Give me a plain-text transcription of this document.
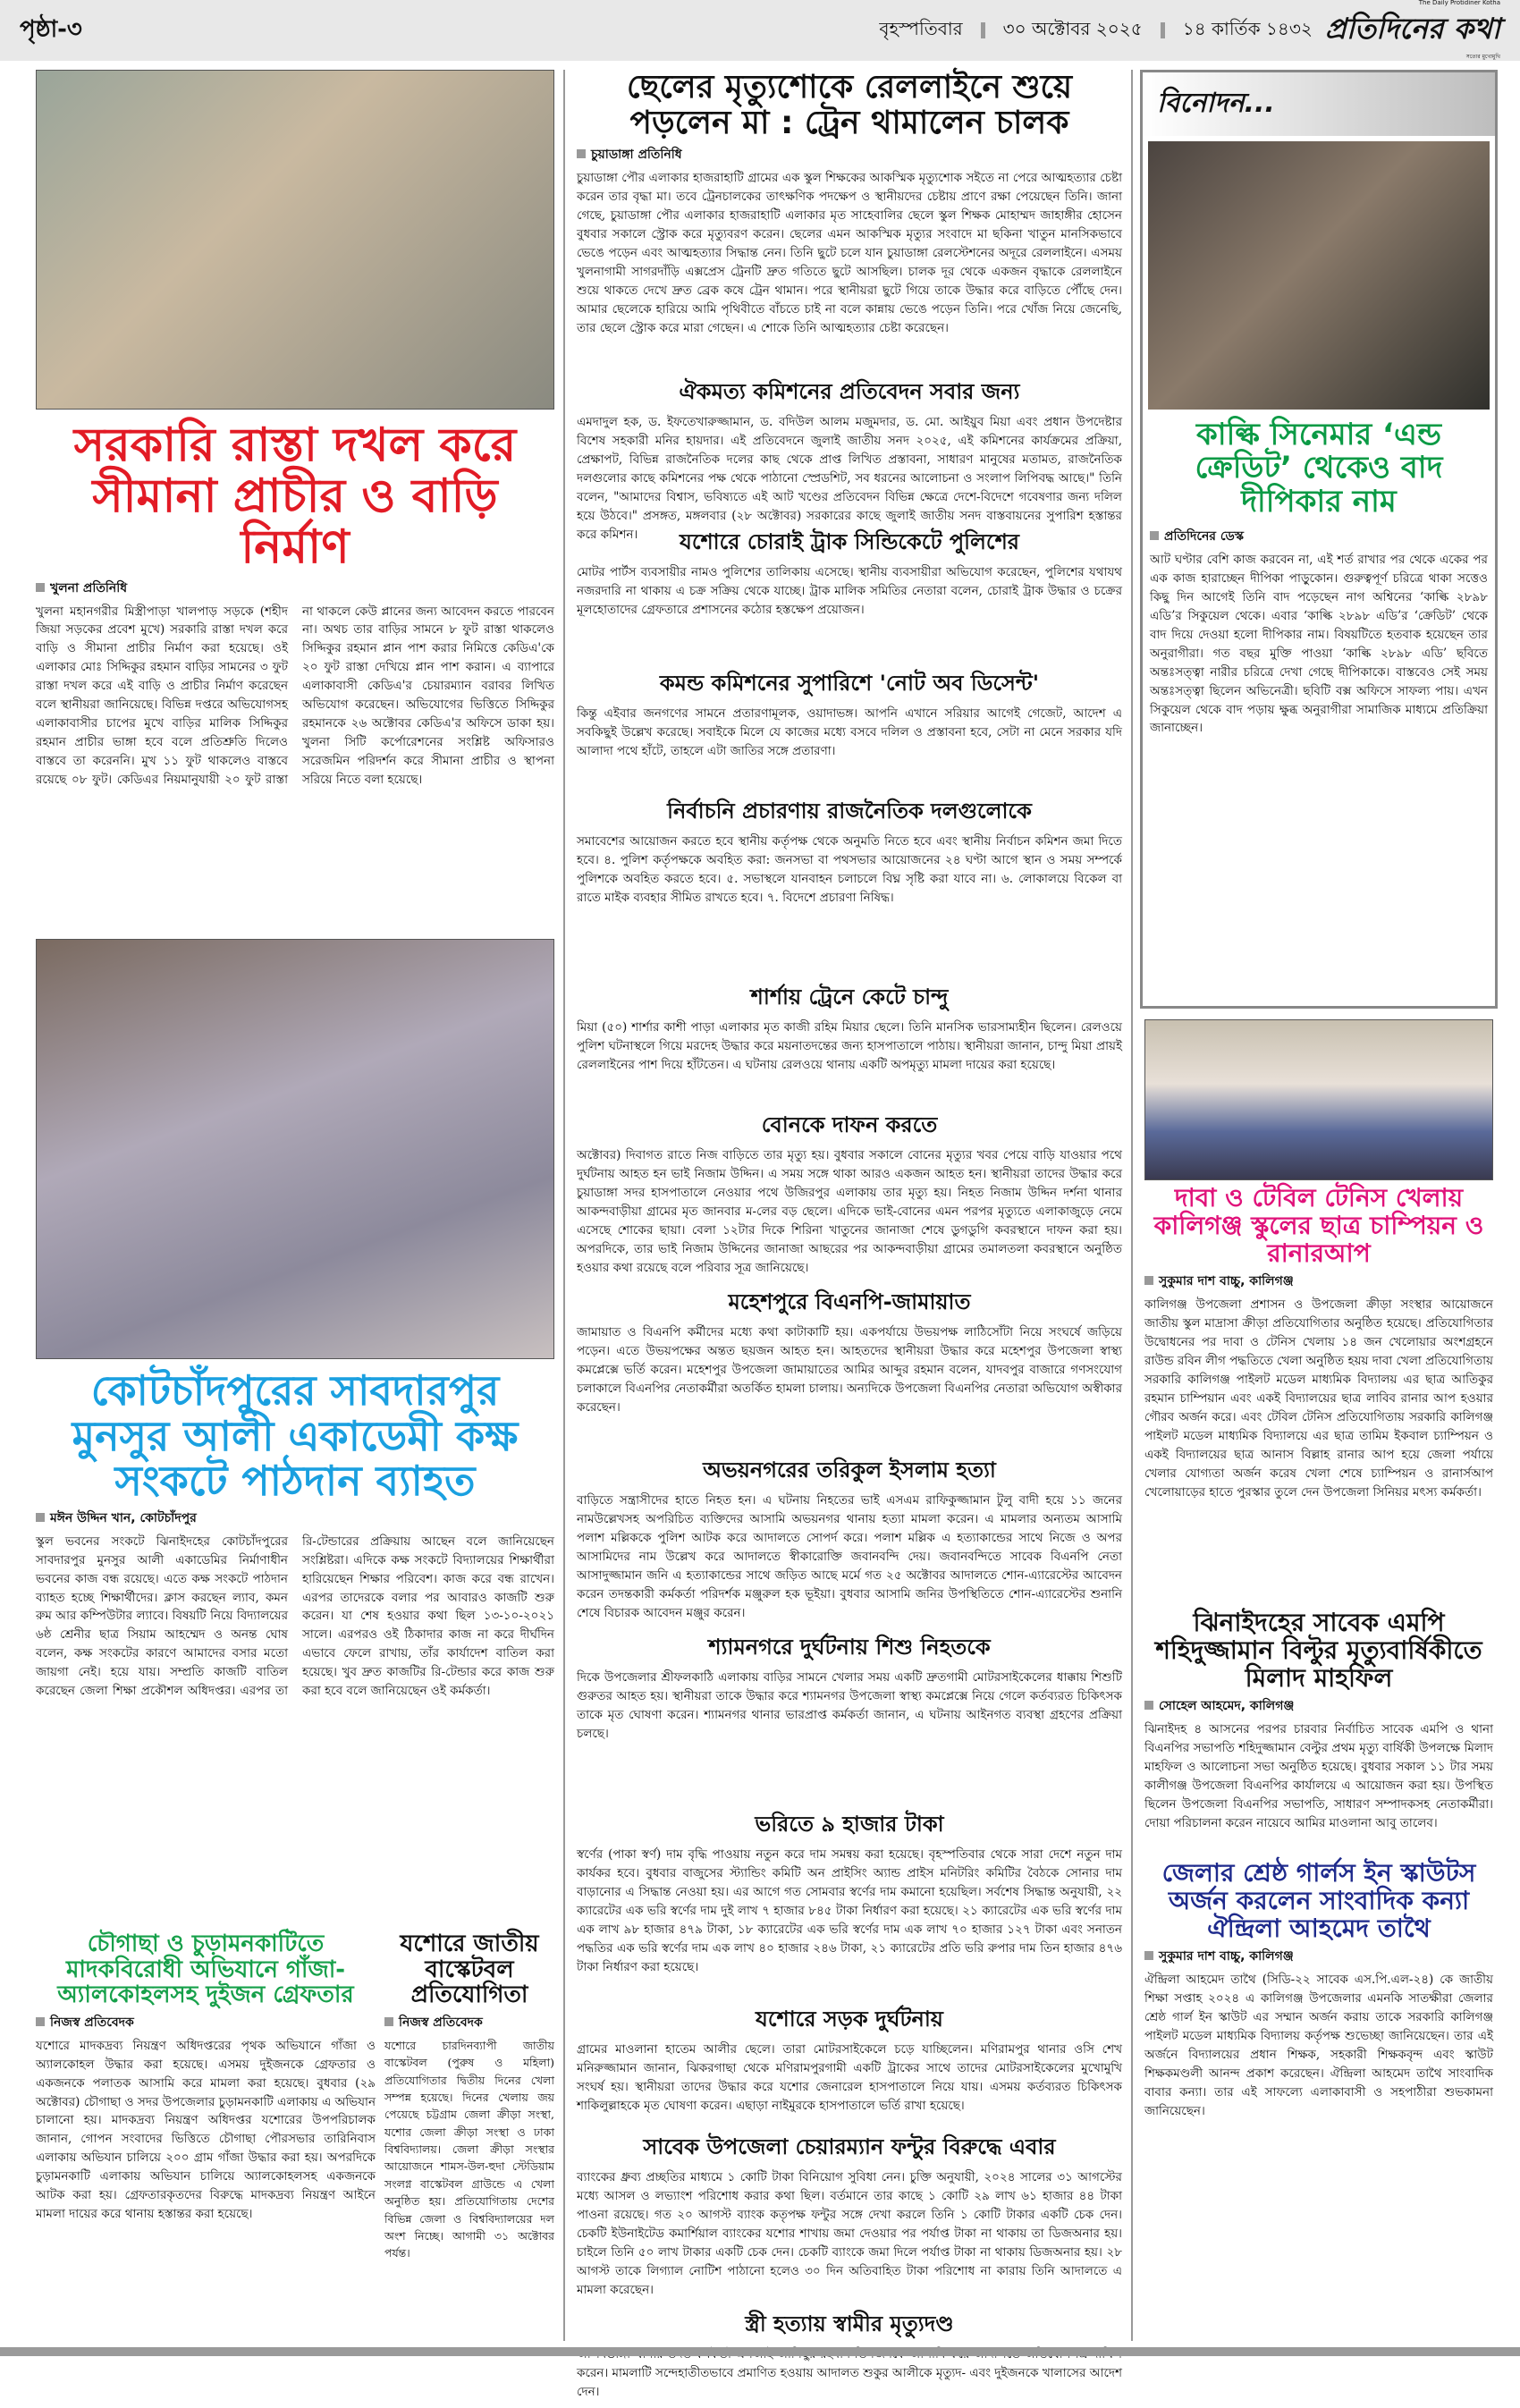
পৃষ্ঠা-৩	বৃহস্পতিবার ৩০ অক্টোবর ২০২৫ ১৪ কার্তিক ১৪৩২
The Daily Protidiner Kotha
প্রতিদিনের কথা
সত্যের মুখোমুখি
সরকারি রাস্তা দখল করে সীমানা প্রাচীর ও বাড়ি নির্মাণ
খুলনা প্রতিনিধি
খুলনা মহানগরীর মিস্ত্রীপাড়া খালপাড় সড়কে (শহীদ জিয়া সড়কের প্রবেশ মুখে) সরকারি রাস্তা দখল করে বাড়ি ও সীমানা প্রাচীর নির্মাণ করা হয়েছে। ওই এলাকার মোঃ সিদ্দিকুর রহমান বাড়ির সামনের ৩ ফুট রাস্তা দখল করে এই বাড়ি ও প্রাচীর নির্মাণ করেছেন বলে স্থানীয়রা জানিয়েছে। বিভিন্ন দপ্তরে অভিযোগসহ এলাকাবাসীর চাপের মুখে বাড়ির মালিক সিদ্দিকুর রহমান প্রাচীর ভাঙ্গা হবে বলে প্রতিশ্রুতি দিলেও বাস্তবে তা করেননি। মুখ ১১ ফুট থাকলেও বাস্তবে রয়েছে ০৮ ফুট। কেডিএর নিয়মানুযায়ী ২০ ফুট রাস্তা না থাকলে কেউ প্লানের জন্য আবেদন করতে পারবেন না। অথচ তার বাড়ির সামনে ৮ ফুট রাস্তা থাকলেও সিদ্দিকুর রহমান প্লান পাশ করার নিমিত্তে কেডিএ'কে ২০ ফুট রাস্তা দেখিয়ে প্লান পাশ করান। এ ব্যাপারে এলাকাবাসী কেডিএ'র চেয়ারম্যান বরাবর লিখিত অভিযোগ করেছেন। অভিযোগের ভিত্তিতে সিদ্দিকুর রহমানকে ২৬ অক্টোবর কেডিএ'র অফিসে ডাকা হয়। খুলনা সিটি কর্পোরেশনের সংশ্লিষ্ট অফিসারও সরেজমিন পরিদর্শন করে সীমানা প্রাচীর ও স্থাপনা সরিয়ে নিতে বলা হয়েছে।
কোটচাঁদপুরের সাবদারপুর মুনসুর আলী একাডেমী কক্ষ সংকটে পাঠদান ব্যাহত
মঈন উদ্দিন খান, কোটচাঁদপুর
স্কুল ভবনের সংকটে ঝিনাইদহের কোটচাঁদপুরের সাবদারপুর মুনসুর আলী একাডেমির নির্মাণাধীন ভবনের কাজ বন্ধ রয়েছে। এতে কক্ষ সংকটে পাঠদান ব্যাহত হচ্ছে শিক্ষার্থীদের। ক্লাস করছেন ল্যাব, কমন রুম আর কম্পিউটার ল্যাবে। বিষয়টি নিয়ে বিদ্যালয়ের ৬ষ্ঠ শ্রেনীর ছাত্র সিয়াম আহম্মেদ ও অনন্ত ঘোষ বলেন, কক্ষ সংকটের কারণে আমাদের বসার মতো জায়গা নেই। হয়ে যায়। সম্প্রতি কাজটি বাতিল করেছেন জেলা শিক্ষা প্রকৌশল অধিদপ্তর। এরপর তা রি-টেন্ডারের প্রক্রিয়ায় আছেন বলে জানিয়েছেন সংশ্লিষ্টরা। এদিকে কক্ষ সংকটে বিদ্যালয়ের শিক্ষার্থীরা হারিয়েছেন শিক্ষার পরিবেশ। কাজ করে বন্ধ রাখেন। এরপর তাদেরকে বলার পর আবারও কাজটি শুরু করেন। যা শেষ হওয়ার কথা ছিল ১৩-১০-২০২১ সালে। এরপরও ওই ঠিকাদার কাজ না করে দীর্ঘদিন এভাবে ফেলে রাখায়, তাঁর কার্যাদেশ বাতিল করা হয়েছে। খুব দ্রুত কাজটির রি-টেন্ডার করে কাজ শুরু করা হবে বলে জানিয়েছেন ওই কর্মকর্তা।
চৌগাছা ও চুড়ামনকাটিতে মাদকবিরোধী অভিযানে গাঁজা-অ্যালকোহলসহ দুইজন গ্রেফতার
নিজস্ব প্রতিবেদক
যশোরে মাদকদ্রব্য নিয়ন্ত্রণ অধিদপ্তরের পৃথক অভিযানে গাঁজা ও অ্যালকোহল উদ্ধার করা হয়েছে। এসময় দুইজনকে গ্রেফতার ও একজনকে পলাতক আসামি করে মামলা করা হয়েছে। বুধবার (২৯ অক্টোবর) চৌগাছা ও সদর উপজেলার চুড়ামনকাটি এলাকায় এ অভিযান চালানো হয়। মাদকদ্রব্য নিয়ন্ত্রণ অধিদপ্তর যশোরের উপপরিচালক জানান, গোপন সংবাদের ভিত্তিতে চৌগাছা পৌরসভার তারিনিবাস এলাকায় অভিযান চালিয়ে ২০০ গ্রাম গাঁজা উদ্ধার করা হয়। অপরদিকে চুড়ামনকাটি এলাকায় অভিযান চালিয়ে অ্যালকোহলসহ একজনকে আটক করা হয়। গ্রেফতারকৃতদের বিরুদ্ধে মাদকদ্রব্য নিয়ন্ত্রণ আইনে মামলা দায়ের করে থানায় হস্তান্তর করা হয়েছে।
যশোরে জাতীয় বাস্কেটবল প্রতিযোগিতা
নিজস্ব প্রতিবেদক
যশোরে চারদিনব্যাপী জাতীয় বাস্কেটবল (পুরুষ ও মহিলা) প্রতিযোগিতার দ্বিতীয় দিনের খেলা সম্পন্ন হয়েছে। দিনের খেলায় জয় পেয়েছে চট্টগ্রাম জেলা ক্রীড়া সংস্থা, যশোর জেলা ক্রীড়া সংস্থা ও ঢাকা বিশ্ববিদ্যালয়। জেলা ক্রীড়া সংস্থার আয়োজনে শামস-উল-হুদা স্টেডিয়াম সংলগ্ন বাস্কেটবল গ্রাউন্ডে এ খেলা অনুষ্ঠিত হয়। প্রতিযোগিতায় দেশের বিভিন্ন জেলা ও বিশ্ববিদ্যালয়ের দল অংশ নিচ্ছে। আগামী ৩১ অক্টোবর পর্যন্ত।
ছেলের মৃত্যুশোকে রেললাইনে শুয়ে পড়লেন মা : ট্রেন থামালেন চালক
চুয়াডাঙ্গা প্রতিনিধি
চুয়াডাঙ্গা পৌর এলাকার হাজরাহাটি গ্রামের এক স্কুল শিক্ষকের আকস্মিক মৃত্যুশোক সইতে না পেরে আত্মহত্যার চেষ্টা করেন তার বৃদ্ধা মা। তবে ট্রেনচালকের তাৎক্ষণিক পদক্ষেপ ও স্থানীয়দের চেষ্টায় প্রাণে রক্ষা পেয়েছেন তিনি। জানা গেছে, চুয়াডাঙ্গা পৌর এলাকার হাজরাহাটি এলাকার মৃত সাহেবালির ছেলে স্কুল শিক্ষক মোহাম্মদ জাহাঙ্গীর হোসেন বুধবার সকালে স্ট্রোক করে মৃত্যুবরণ করেন। ছেলের এমন আকস্মিক মৃত্যুর সংবাদে মা ছকিনা খাতুন মানসিকভাবে ভেঙে পড়েন এবং আত্মহত্যার সিদ্ধান্ত নেন। তিনি ছুটে চলে যান চুয়াডাঙ্গা রেলস্টেশনের অদূরে রেললাইনে। এসময় খুলনাগামী সাগরদাঁড়ি এক্সপ্রেস ট্রেনটি দ্রুত গতিতে ছুটে আসছিল। চালক দূর থেকে একজন বৃদ্ধাকে রেললাইনে শুয়ে থাকতে দেখে দ্রুত ব্রেক কষে ট্রেন থামান। পরে স্থানীয়রা ছুটে গিয়ে তাকে উদ্ধার করে বাড়িতে পৌঁছে দেন। আমার ছেলেকে হারিয়ে আমি পৃথিবীতে বাঁচতে চাই না বলে কান্নায় ভেঙে পড়েন তিনি। পরে খোঁজ নিয়ে জেনেছি, তার ছেলে স্ট্রোক করে মারা গেছেন। এ শোকে তিনি আত্মহত্যার চেষ্টা করেছেন।
ঐকমত্য কমিশনের প্রতিবেদন সবার জন্য
এমদাদুল হক, ড. ইফতেখারুজ্জামান, ড. বদিউল আলম মজুমদার, ড. মো. আইয়ুব মিয়া এবং প্রধান উপদেষ্টার বিশেষ সহকারী মনির হায়দার। এই প্রতিবেদনে জুলাই জাতীয় সনদ ২০২৫, এই কমিশনের কার্যক্রমের প্রক্রিয়া, প্রেক্ষাপট, বিভিন্ন রাজনৈতিক দলের কাছ থেকে প্রাপ্ত লিখিত প্রস্তাবনা, সাধারণ মানুষের মতামত, রাজনৈতিক দলগুলোর কাছে কমিশনের পক্ষ থেকে পাঠানো স্প্রেডশিট, সব ধরনের আলোচনা ও সংলাপ লিপিবদ্ধ আছে।" তিনি বলেন, "আমাদের বিশ্বাস, ভবিষ্যতে এই আট খণ্ডের প্রতিবেদন বিভিন্ন ক্ষেত্রে দেশে-বিদেশে গবেষণার জন্য দলিল হয়ে উঠবে।" প্রসঙ্গত, মঙ্গলবার (২৮ অক্টোবর) সরকারের কাছে জুলাই জাতীয় সনদ বাস্তবায়নের সুপারিশ হস্তান্তর করে কমিশন।	যশোরে চোরাই ট্রাক সিন্ডিকেটে পুলিশের
মোটর পার্টস ব্যবসায়ীর নামও পুলিশের তালিকায় এসেছে। স্থানীয় ব্যবসায়ীরা অভিযোগ করেছেন, পুলিশের যথাযথ নজরদারি না থাকায় এ চক্র সক্রিয় থেকে যাচ্ছে। ট্রাক মালিক সমিতির নেতারা বলেন, চোরাই ট্রাক উদ্ধার ও চক্রের মূলহোতাদের গ্রেফতারে প্রশাসনের কঠোর হস্তক্ষেপ প্রয়োজন।
কমন্ড কমিশনের সুপারিশে 'নোট অব ডিসেন্ট'
কিন্তু এইবার জনগণের সামনে প্রতারণামূলক, ওয়াদাভঙ্গ। আপনি এখানে সরিয়ার আগেই গেজেট, আদেশ এ সবকিছুই উল্লেখ করেছে। সবাইকে মিলে যে কাজের মধ্যে বসবে দলিল ও প্রস্তাবনা হবে, সেটা না মেনে সরকার যদি আলাদা পথে হাঁটে, তাহলে এটা জাতির সঙ্গে প্রতারণা।
নির্বাচনি প্রচারণায় রাজনৈতিক দলগুলোকে
সমাবেশের আয়োজন করতে হবে স্থানীয় কর্তৃপক্ষ থেকে অনুমতি নিতে হবে এবং স্থানীয় নির্বাচন কমিশন জমা দিতে হবে। ৪. পুলিশ কর্তৃপক্ষকে অবহিত করা: জনসভা বা পথসভার আয়োজনের ২৪ ঘণ্টা আগে স্থান ও সময় সম্পর্কে পুলিশকে অবহিত করতে হবে। ৫. সভাস্থলে যানবাহন চলাচলে বিঘ্ন সৃষ্টি করা যাবে না। ৬. লোকালয়ে বিকেল বা রাতে মাইক ব্যবহার সীমিত রাখতে হবে। ৭. বিদেশে প্রচারণা নিষিদ্ধ।
শার্শায় ট্রেনে কেটে চান্দু
মিয়া (৫০) শার্শার কাশী পাড়া এলাকার মৃত কাজী রহিম মিয়ার ছেলে। তিনি মানসিক ভারসাম্যহীন ছিলেন। রেলওয়ে পুলিশ ঘটনাস্থলে গিয়ে মরদেহ উদ্ধার করে ময়নাতদন্তের জন্য হাসপাতালে পাঠায়। স্থানীয়রা জানান, চান্দু মিয়া প্রায়ই রেললাইনের পাশ দিয়ে হাঁটতেন। এ ঘটনায় রেলওয়ে থানায় একটি অপমৃত্যু মামলা দায়ের করা হয়েছে।
বোনকে দাফন করতে
অক্টোবর) দিবাগত রাতে নিজ বাড়িতে তার মৃত্যু হয়। বুধবার সকালে বোনের মৃত্যুর খবর পেয়ে বাড়ি যাওয়ার পথে দুর্ঘটনায় আহত হন ভাই নিজাম উদ্দিন। এ সময় সঙ্গে থাকা আরও একজন আহত হন। স্থানীয়রা তাদের উদ্ধার করে চুয়াডাঙ্গা সদর হাসপাতালে নেওয়ার পথে উজিরপুর এলাকায় তার মৃত্যু হয়। নিহত নিজাম উদ্দিন দর্শনা থানার আকন্দবাড়ীয়া গ্রামের মৃত জানবার ম-লের বড় ছেলে। এদিকে ভাই-বোনের এমন পরপর মৃত্যুতে এলাকাজুড়ে নেমে এসেছে শোকের ছায়া। বেলা ১২টার দিকে শিরিনা খাতুনের জানাজা শেষে ডুগডুগি কবরস্থানে দাফন করা হয়। অপরদিকে, তার ভাই নিজাম উদ্দিনের জানাজা আছরের পর আকন্দবাড়ীয়া গ্রামের তমালতলা কবরস্থানে অনুষ্ঠিত হওয়ার কথা রয়েছে বলে পরিবার সূত্র জানিয়েছে।
মহেশপুরে বিএনপি-জামায়াত
জামায়াত ও বিএনপি কর্মীদের মধ্যে কথা কাটাকাটি হয়। একপর্যায়ে উভয়পক্ষ লাঠিসোঁটা নিয়ে সংঘর্ষে জড়িয়ে পড়েন। এতে উভয়পক্ষের অন্তত ছয়জন আহত হন। আহতদের স্থানীয়রা উদ্ধার করে মহেশপুর উপজেলা স্বাস্থ্য কমপ্লেক্সে ভর্তি করেন। মহেশপুর উপজেলা জামায়াতের আমির আব্দুর রহমান বলেন, যাদবপুর বাজারে গণসংযোগ চলাকালে বিএনপির নেতাকর্মীরা অতর্কিত হামলা চালায়। অন্যদিকে উপজেলা বিএনপির নেতারা অভিযোগ অস্বীকার করেছেন।
অভয়নগরের তরিকুল ইসলাম হত্যা
বাড়িতে সন্ত্রাসীদের হাতে নিহত হন। এ ঘটনায় নিহতের ভাই এসএম রাফিকুজ্জামান টুলু বাদী হয়ে ১১ জনের নামউল্লেখসহ অপরিচিত ব্যক্তিদের আসামি অভয়নগর থানায় হত্যা মামলা করেন। এ মামলার অন্যতম আসামি পলাশ মল্লিককে পুলিশ আটক করে আদালতে সোপর্দ করে। পলাশ মল্লিক এ হত্যাকান্ডের সাথে নিজে ও অপর আসামিদের নাম উল্লেখ করে আদালতে স্বীকারোক্তি জবানবন্দি দেয়। জবানবন্দিতে সাবেক বিএনপি নেতা আসাদুজ্জামান জনি এ হত্যাকান্ডের সাথে জড়িত আছে মর্মে গত ২৫ অক্টোবর আদালতে শোন-এ্যারেস্টের আবেদন করেন তদন্তকারী কর্মকর্তা পরিদর্শক মঞ্জুরুল হক ভূইয়া। বুধবার আসামি জনির উপস্থিতিতে শোন-এ্যারেস্টের শুনানি শেষে বিচারক আবেদন মঞ্জুর করেন।
শ্যামনগরে দুর্ঘটনায় শিশু নিহতকে
দিকে উপজেলার শ্রীফলকাঠি এলাকায় বাড়ির সামনে খেলার সময় একটি দ্রুতগামী মোটরসাইকেলের ধাক্কায় শিশুটি গুরুতর আহত হয়। স্থানীয়রা তাকে উদ্ধার করে শ্যামনগর উপজেলা স্বাস্থ্য কমপ্লেক্সে নিয়ে গেলে কর্তব্যরত চিকিৎসক তাকে মৃত ঘোষণা করেন। শ্যামনগর থানার ভারপ্রাপ্ত কর্মকর্তা জানান, এ ঘটনায় আইনগত ব্যবস্থা গ্রহণের প্রক্রিয়া চলছে।
ভরিতে ৯ হাজার টাকা
স্বর্ণের (পাকা স্বর্ণ) দাম বৃদ্ধি পাওয়ায় নতুন করে দাম সমন্বয় করা হয়েছে। বৃহস্পতিবার থেকে সারা দেশে নতুন দাম কার্যকর হবে। বুধবার বাজুসের স্ট্যান্ডিং কমিটি অন প্রাইসিং অ্যান্ড প্রাইস মনিটরিং কমিটির বৈঠকে সোনার দাম বাড়ানোর এ সিদ্ধান্ত নেওয়া হয়। এর আগে গত সোমবার স্বর্ণের দাম কমানো হয়েছিল। সর্বশেষ সিদ্ধান্ত অনুযায়ী, ২২ ক্যারেটের এক ভরি স্বর্ণের দাম দুই লাখ ৭ হাজার ৮৪৫ টাকা নির্ধারণ করা হয়েছে। ২১ ক্যারেটের এক ভরি স্বর্ণের দাম এক লাখ ৯৮ হাজার ৪৭৯ টাকা, ১৮ ক্যারেটের এক ভরি স্বর্ণের দাম এক লাখ ৭০ হাজার ১২৭ টাকা এবং সনাতন পদ্ধতির এক ভরি স্বর্ণের দাম এক লাখ ৪০ হাজার ২৪৬ টাকা, ২১ ক্যারেটের প্রতি ভরি রুপার দাম তিন হাজার ৪৭৬ টাকা নির্ধারণ করা হয়েছে।
যশোরে সড়ক দুর্ঘটনায়
গ্রামের মাওলানা হাতেম আলীর ছেলে। তারা মোটরসাইকেলে চড়ে যাচ্ছিলেন। মণিরামপুর থানার ওসি শেখ মনিরুজ্জামান জানান, ঝিকরগাছা থেকে মণিরামপুরগামী একটি ট্রাকের সাথে তাদের মোটরসাইকেলের মুখোমুখি সংঘর্ষ হয়। স্থানীয়রা তাদের উদ্ধার করে যশোর জেনারেল হাসপাতালে নিয়ে যায়। এসময় কর্তব্যরত চিকিৎসক শাকিলুল্লাহকে মৃত ঘোষণা করেন। এছাড়া নাইমুরকে হাসপাতালে ভর্তি রাখা হয়েছে।
সাবেক উপজেলা চেয়ারম্যান ফন্টুর বিরুদ্ধে এবার
ব্যাংকের ধ্রুব্য প্রচ্ছতির মাধ্যমে ১ কোটি টাকা বিনিয়োগ সুবিধা নেন। চুক্তি অনুযায়ী, ২০২৪ সালের ৩১ আগস্টের মধ্যে আসল ও লভ্যাংশ পরিশোধ করার কথা ছিল। বর্তমানে তার কাছে ১ কোটি ২৯ লাখ ৬১ হাজার ৪৪ টাকা পাওনা রয়েছে। গত ২০ আগস্ট ব্যাংক কতৃপক্ষ ফন্টুর সঙ্গে দেখা করলে তিনি ১ কোটি টাকার একটি চেক দেন। চেকটি ইউনাইটেড কমার্শিয়াল ব্যাংকের যশোর শাখায় জমা দেওয়ার পর পর্যাপ্ত টাকা না থাকায় তা ডিজঅনার হয়। চাইলে তিনি ৫০ লাখ টাকার একটি চেক দেন। চেকটি ব্যাংকে জমা দিলে পর্যাপ্ত টাকা না থাকায় ডিজঅনার হয়। ২৮ আগস্ট তাকে লিগ্যাল নোটিশ পাঠানো হলেও ৩০ দিন অতিবাহিত টাকা পরিশোধ না কারায় তিনি আদালতে এ মামলা করেছেন।
স্ত্রী হত্যায় স্বামীর মৃত্যুদণ্ড
করেন। মামলাটি সন্দেহাতীতভাবে প্রমাণিত হওয়ায় আদালত শুকুর আলীকে মৃত্যুদ- এবং দুইজনকে খালাসের আদেশ দেন।
বিনোদন...
কাল্কি সিনেমার ‘এন্ড ক্রেডিট’ থেকেও বাদ দীপিকার নাম
প্রতিদিনের ডেস্ক
আট ঘণ্টার বেশি কাজ করবেন না, এই শর্ত রাখার পর থেকে একের পর এক কাজ হারাচ্ছেন দীপিকা পাড়ুকোন। গুরুত্বপূর্ণ চরিত্রে থাকা সত্তেও কিছু দিন আগেই তিনি বাদ পড়েছেন নাগ অশ্বিনের ‘কাল্কি ২৮৯৮ এডি’র সিকুয়েল থেকে। এবার ‘কাল্কি ২৮৯৮ এডি’র ‘ক্রেডিট’ থেকে বাদ দিয়ে দেওয়া হলো দীপিকার নাম। বিষয়টিতে হতবাক হয়েছেন তার অনুরাগীরা। গত বছর মুক্তি পাওয়া ‘কাল্কি ২৮৯৮ এডি’ ছবিতে অন্তঃসত্ত্বা নারীর চরিত্রে দেখা গেছে দীপিকাকে। বাস্তবেও সেই সময় অন্তঃসত্ত্বা ছিলেন অভিনেত্রী। ছবিটি বক্স অফিসে সাফল্য পায়। এখন সিকুয়েল থেকে বাদ পড়ায় ক্ষুব্ধ অনুরাগীরা সামাজিক মাধ্যমে প্রতিক্রিয়া জানাচ্ছেন।
দাবা ও টেবিল টেনিস খেলায় কালিগঞ্জ স্কুলের ছাত্র চাম্পিয়ন ও রানারআপ
সুকুমার দাশ বাচ্চু, কালিগঞ্জ
কালিগঞ্জ উপজেলা প্রশাসন ও উপজেলা ক্রীড়া সংস্থার আয়োজনে জাতীয় স্কুল মাদ্রাসা ক্রীড়া প্রতিযোগিতার অনুষ্ঠিত হয়েছে। প্রতিযোগিতার উদ্বোধনের পর দাবা ও টেনিস খেলায় ১৪ জন খেলোয়ার অংশগ্রহনে রাউন্ড রবিন লীগ পদ্ধতিতে খেলা অনুষ্ঠিত হয়য় দাবা খেলা প্রতিযোগিতায় সরকারি কালিগঞ্জ পাইলট মডেল মাধ্যমিক বিদ্যালয় এর ছাত্র আতিকুর রহমান চাম্পিয়ান এবং একই বিদ্যালয়ের ছাত্র লাবিব রানার আপ হওয়ার গৌরব অর্জন করে। এবং টেবিল টেনিস প্রতিযোগিতায় সরকারি কালিগঞ্জ পাইলট মডেল মাধ্যমিক বিদ্যালয়ে এর ছাত্র তামিম ইকবাল চ্যাম্পিয়ন ও একই বিদ্যালয়ের ছাত্র আনাস বিল্লাহ রানার আপ হয়ে জেলা পর্যায়ে খেলার যোগ্যতা অর্জন করেষ খেলা শেষে চ্যাম্পিয়ন ও রানার্সআপ খেলোয়াড়ের হাতে পুরস্কার তুলে দেন উপজেলা সিনিয়র মৎস্য কর্মকর্তা।
ঝিনাইদহের সাবেক এমপি শহিদুজ্জামান বিল্টুর মৃত্যুবার্ষিকীতে মিলাদ মাহফিল
সোহেল আহমেদ, কালিগঞ্জ
ঝিনাইদহ ৪ আসনের পরপর চারবার নির্বাচিত সাবেক এমপি ও থানা বিএনপির সভাপতি শহিদুজ্জামান বেল্টুর প্রথম মৃত্যু বার্ষিকী উপলক্ষে মিলাদ মাহফিল ও আলোচনা সভা অনুষ্ঠিত হয়েছে। বুধবার সকাল ১১ টার সময় কালীগঞ্জ উপজেলা বিএনপির কার্যালয়ে এ আয়োজন করা হয়। উপস্থিত ছিলেন উপজেলা বিএনপির সভাপতি, সাধারণ সম্পাদকসহ নেতাকর্মীরা। দোয়া পরিচালনা করেন নায়েবে আমির মাওলানা আবু তালেব।
জেলার শ্রেষ্ঠ গার্লস ইন স্কাউটস অর্জন করলেন সাংবাদিক কন্যা ঐন্দ্রিলা আহমেদ তাথৈ
সুকুমার দাশ বাচ্চু, কালিগঞ্জ
ঐন্দ্রিলা আহমেদ তাথৈ (সিডি-২২ সাবেক এস.পি.এল-২৪) কে জাতীয় শিক্ষা সপ্তাহ ২০২৪ এ কালিগঞ্জ উপজেলার এমনকি সাতক্ষীরা জেলার শ্রেষ্ঠ গার্ল ইন স্কাউট এর সম্মান অর্জন করায় তাকে সরকারি কালিগঞ্জ পাইলট মডেল মাধ্যমিক বিদ্যালয় কর্তৃপক্ষ শুভেচ্ছা জানিয়েছেন। তার এই অর্জনে বিদ্যালয়ের প্রধান শিক্ষক, সহকারী শিক্ষকবৃন্দ এবং স্কাউট শিক্ষকমণ্ডলী আনন্দ প্রকাশ করেছেন। ঐন্দ্রিলা আহমেদ তাথৈ সাংবাদিক বাবার কন্যা। তার এই সাফল্যে এলাকাবাসী ও সহপাঠীরা শুভকামনা জানিয়েছেন।
